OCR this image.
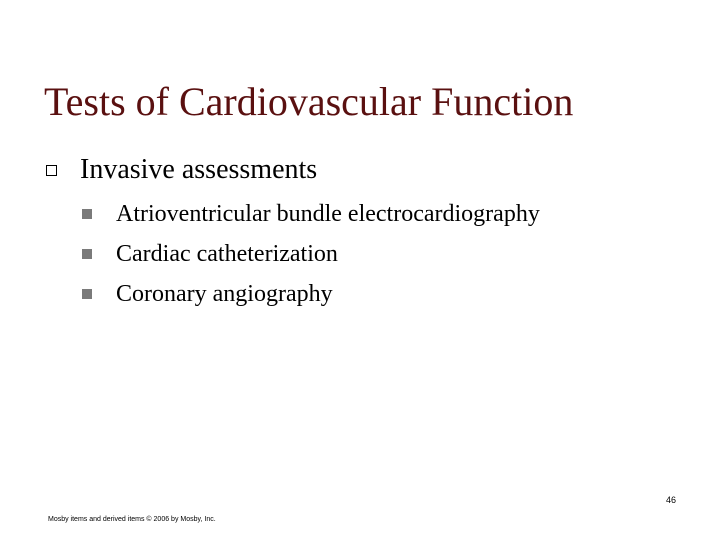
Tests of Cardiovascular Function
Invasive assessments
Atrioventricular bundle electrocardiography
Cardiac catheterization
Coronary angiography
46
Mosby items and derived items © 2006 by Mosby, Inc.
